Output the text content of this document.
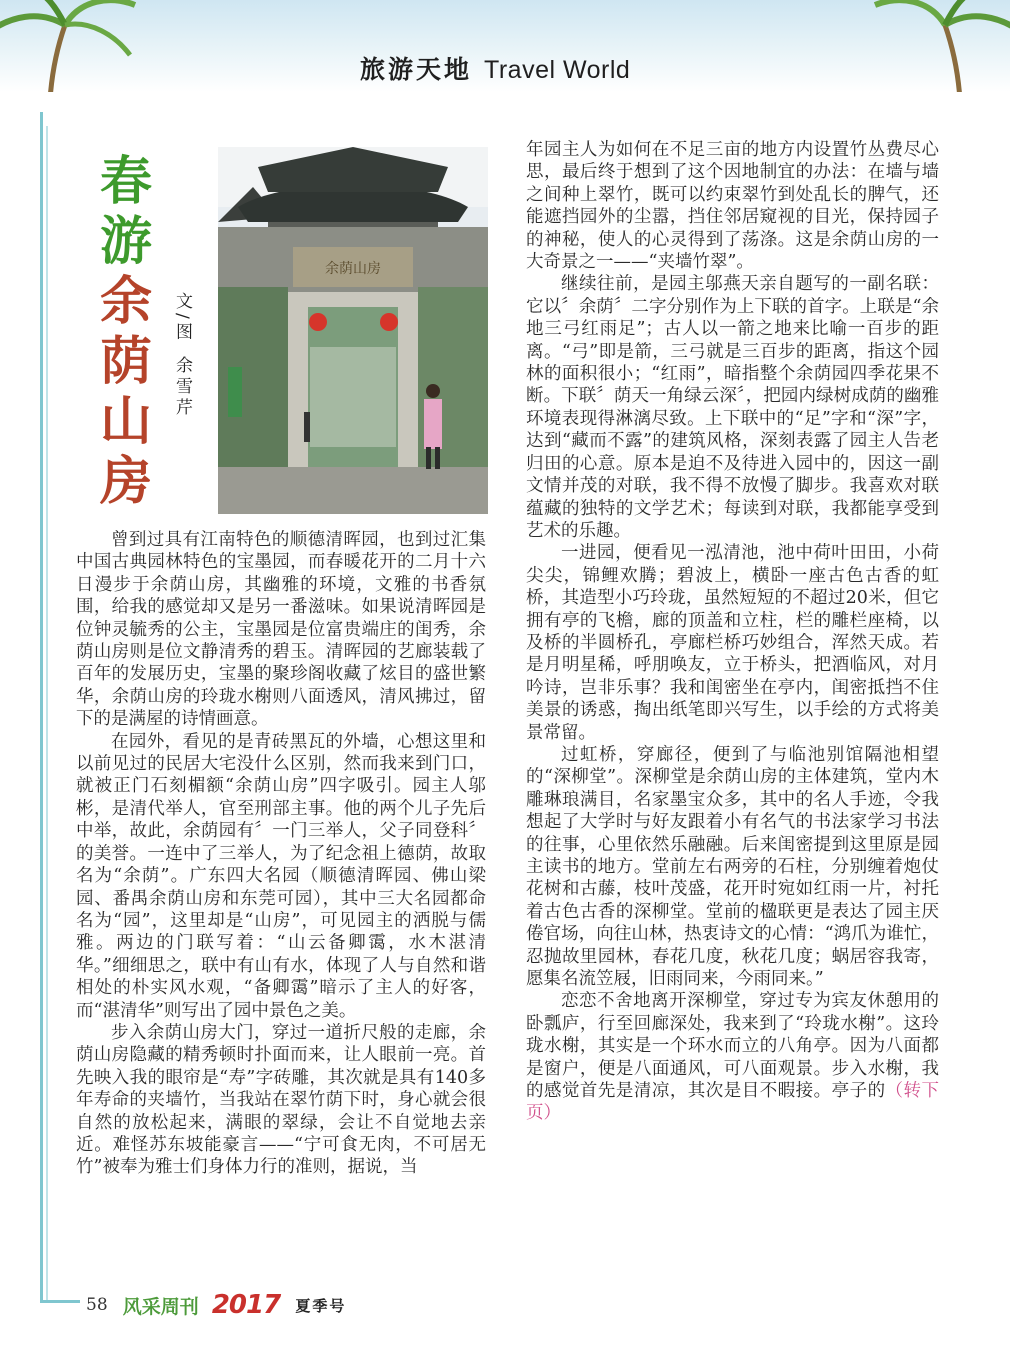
旅游天地 Travel World
春
游
余
荫
山
房
文/图
余雪芹
余荫山房

曾到过具有江南特色的顺德清晖园，也到过汇集中国古典园林特色的宝墨园，而春暖花开的二月十六日漫步于余荫山房，其幽雅的环境，文雅的书香氛围，给我的感觉却又是另一番滋味。如果说清晖园是位钟灵毓秀的公主，宝墨园是位富贵端庄的闺秀，余荫山房则是位文静清秀的碧玉。清晖园的艺廊装载了百年的发展历史，宝墨的聚珍阁收藏了炫目的盛世繁华，余荫山房的玲珑水榭则八面透风，清风拂过，留下的是满屋的诗情画意。

在园外，看见的是青砖黑瓦的外墙，心想这里和以前见过的民居大宅没什么区别，然而我来到门口，就被正门石刻楣额“余荫山房”四字吸引。园主人邬彬，是清代举人，官至刑部主事。他的两个儿子先后中举，故此，余荫园有〞一门三举人，父子同登科〞的美誉。一连中了三举人，为了纪念祖上德荫，故取名为“余荫”。广东四大名园（顺德清晖园、佛山梁园、番禺余荫山房和东莞可园），其中三大名园都命名为“园”，这里却是“山房”，可见园主的洒脱与儒雅。两边的门联写着：“山云备卿霭，水木湛清华。”细细思之，联中有山有水，体现了人与自然和谐相处的朴实风水观，“备卿霭”暗示了主人的好客，而“湛清华”则写出了园中景色之美。

步入余荫山房大门，穿过一道折尺般的走廊，余荫山房隐藏的精秀顿时扑面而来，让人眼前一亮。首先映入我的眼帘是“寿”字砖雕，其次就是具有140多年寿命的夹墙竹，当我站在翠竹荫下时，身心就会很自然的放松起来，满眼的翠绿，会让不自觉地去亲近。难怪苏东坡能豪言——“宁可食无肉，不可居无竹”被奉为雅士们身体力行的准则，据说，当

年园主人为如何在不足三亩的地方内设置竹丛费尽心思，最后终于想到了这个因地制宜的办法：在墙与墙之间种上翠竹，既可以约束翠竹到处乱长的脾气，还能遮挡园外的尘嚣，挡住邻居窥视的目光，保持园子的神秘，使人的心灵得到了荡涤。这是余荫山房的一大奇景之一——“夹墙竹翠”。

继续往前，是园主邬燕天亲自题写的一副名联：它以〞余荫〞二字分别作为上下联的首字。上联是“余地三弓红雨足”；古人以一箭之地来比喻一百步的距离。“弓”即是箭，三弓就是三百步的距离，指这个园林的面积很小；“红雨”，暗指整个余荫园四季花果不断。下联〞荫天一角绿云深〞，把园内绿树成荫的幽雅环境表现得淋漓尽致。上下联中的“足”字和“深”字，达到“藏而不露”的建筑风格，深刻表露了园主人告老归田的心意。原本是迫不及待进入园中的，因这一副文情并茂的对联，我不得不放慢了脚步。我喜欢对联蕴藏的独特的文学艺术；每读到对联，我都能享受到艺术的乐趣。

一进园，便看见一泓清池，池中荷叶田田，小荷尖尖，锦鲤欢腾；碧波上，横卧一座古色古香的虹桥，其造型小巧玲珑，虽然短短的不超过20米，但它拥有亭的飞檐，廊的顶盖和立柱，栏的雕栏座椅，以及桥的半圆桥孔，亭廊栏桥巧妙组合，浑然天成。若是月明星稀，呼朋唤友，立于桥头，把酒临风，对月吟诗，岂非乐事？我和闺密坐在亭内，闺密抵挡不住美景的诱惑，掏出纸笔即兴写生，以手绘的方式将美景常留。

过虹桥，穿廊径，便到了与临池别馆隔池相望的“深柳堂”。深柳堂是余荫山房的主体建筑，堂内木雕琳琅满目，名家墨宝众多，其中的名人手迹，令我想起了大学时与好友跟着小有名气的书法家学习书法的往事，心里依然乐融融。后来闺密提到这里原是园主读书的地方。堂前左右两旁的石柱，分别缠着炮仗花树和古藤，枝叶茂盛，花开时宛如红雨一片，衬托着古色古香的深柳堂。堂前的楹联更是表达了园主厌倦官场，向往山林，热衷诗文的心情：“鸿爪为谁忙，忍抛故里园林，春花几度，秋花几度；蜗居容我寄，愿集名流笠屐，旧雨同来，今雨同来。”

恋恋不舍地离开深柳堂，穿过专为宾友休憩用的卧瓢庐，行至回廊深处，我来到了“玲珑水榭”。这玲珑水榭，其实是一个环水而立的八角亭。因为八面都是窗户，便是八面通风，可八面观景。步入水榭，我的感觉首先是清凉，其次是目不暇接。亭子的（转下页）

58 风采周刊 2017 夏季号
